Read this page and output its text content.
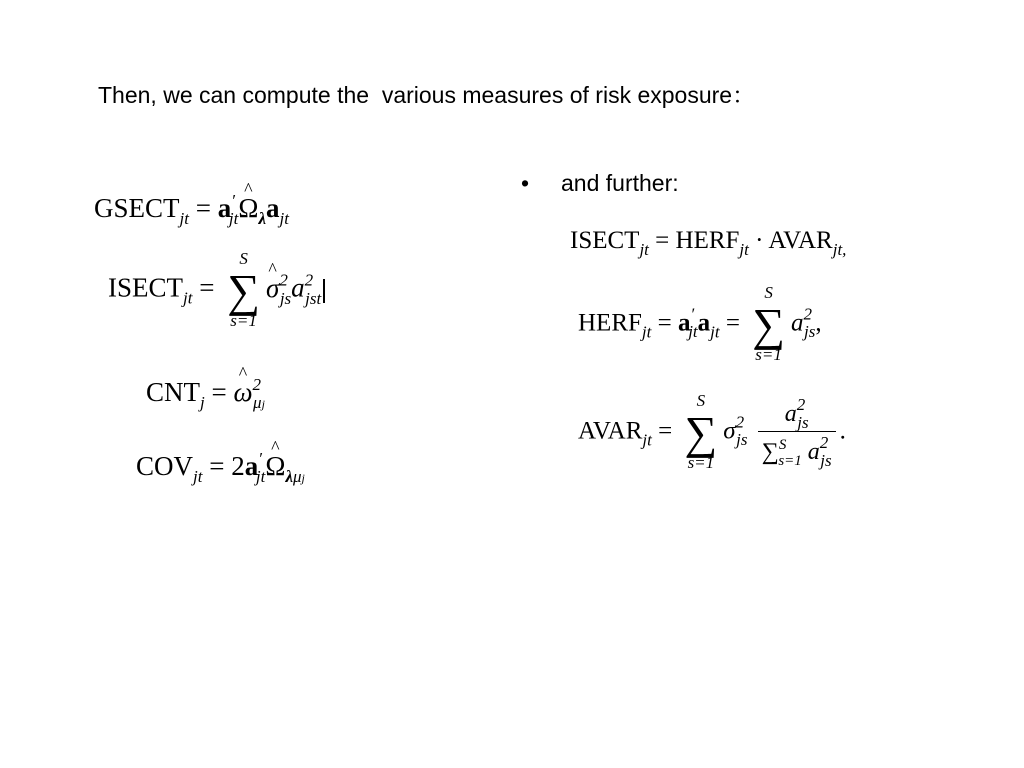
Then, we can compute the  various measures of risk exposure：
• and further:
$GSECT_{jt}$ = $a'_{jt}\^{}$ $\Omega_\lambda a_{jt}$
$ISECT_{jt}$ =
S
∑
s=1
^ $\sigma^2_{js}a^2_{jst}$
$CNT_j$ = ^ $\omega^2_{\mu j}$
$COV_{jt}$ = $2a'_{jt}\^{}$ $\Omega_{\lambda\mu j}$
$ISECT_{jt}$ = $HERF_{jt}$ · $AVAR_{jt,}$
$HERF_{jt} = a'_{jt}a_{jt}$ =
S
∑
s=1
$a^2_{js}$,
$AVAR_{jt}$ =
S
∑
s=1
$\sigma^2_{js} \frac{a^2_{js}}{\sum^S_{s=1} a^2_{js}}$ .
